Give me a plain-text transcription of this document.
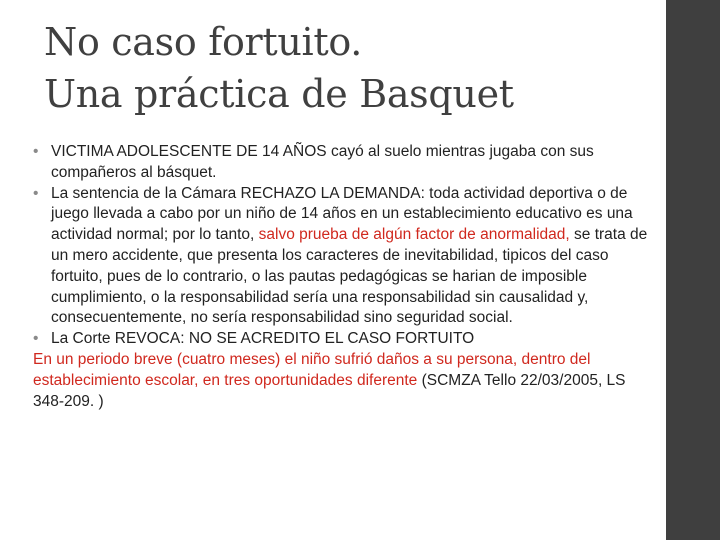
No caso fortuito.
Una práctica de Basquet
• VICTIMA ADOLESCENTE DE 14 AÑOS cayó al suelo mientras jugaba con sus compañeros al básquet.
• La sentencia de la Cámara RECHAZO LA DEMANDA: toda actividad deportiva o de juego llevada a cabo por un niño de 14 años en un establecimiento educativo es una actividad normal; por lo tanto, salvo prueba de algún factor de anormalidad, se trata de un mero accidente, que presenta los caracteres de inevitabilidad, tipicos del caso fortuito, pues de lo contrario, o las pautas pedagógicas se harian de imposible cumplimiento, o la responsabilidad sería una responsabilidad sin causalidad y, consecuentemente, no sería responsabilidad sino seguridad social.
• La Corte REVOCA: NO SE ACREDITO EL CASO FORTUITO
En un periodo breve (cuatro meses) el niño sufrió daños a su persona, dentro del establecimiento escolar, en tres oportunidades diferente (SCMZA Tello 22/03/2005, LS 348-209. )
